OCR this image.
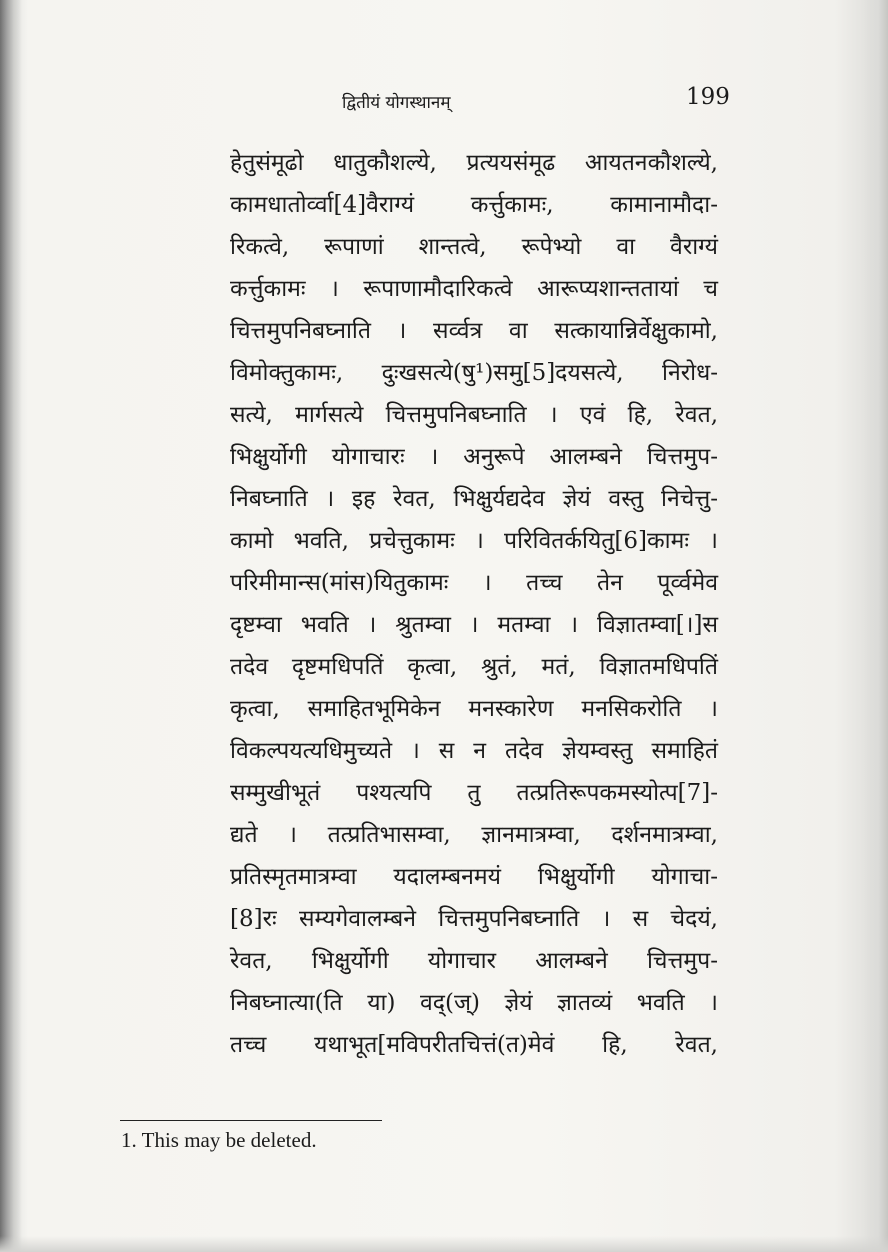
द्वितीयं योगस्थानम्	199
हेतुसंमूढो धातुकौशल्ये, प्रत्ययसंमूढ आयतनकौशल्ये,
कामधातोर्व्वा[4]वैराग्यं कर्त्तुकामः, कामानामौदा-
रिकत्वे, रूपाणां शान्तत्वे, रूपेभ्यो वा वैराग्यं
कर्त्तुकामः । रूपाणामौदारिकत्वे आरूप्यशान्ततायां च
चित्तमुपनिबघ्नाति । सर्व्वत्र वा सत्कायान्निर्वेक्षुकामो,
विमोक्तुकामः, दुःखसत्ये(षु¹)समु[5]दयसत्ये, निरोध-
सत्ये, मार्गसत्ये चित्तमुपनिबघ्नाति । एवं हि, रेवत,
भिक्षुर्योगी योगाचारः । अनुरूपे आलम्बने चित्तमुप-
निबघ्नाति । इह रेवत, भिक्षुर्यद्यदेव ज्ञेयं वस्तु निचेत्तु-
कामो भवति, प्रचेत्तुकामः । परिवितर्कयितु[6]कामः ।
परिमीमान्स(मांस)यितुकामः । तच्च तेन पूर्व्वमेव
दृष्टम्वा भवति । श्रुतम्वा । मतम्वा । विज्ञातम्वा[।]स
तदेव दृष्टमधिपतिं कृत्वा, श्रुतं, मतं, विज्ञातमधिपतिं
कृत्वा, समाहितभूमिकेन मनस्कारेण मनसिकरोति ।
विकल्पयत्यधिमुच्यते । स न तदेव ज्ञेयम्वस्तु समाहितं
सम्मुखीभूतं पश्यत्यपि तु तत्प्रतिरूपकमस्योत्प[7]-
द्यते । तत्प्रतिभासम्वा, ज्ञानमात्रम्वा, दर्शनमात्रम्वा,
प्रतिस्मृतमात्रम्वा यदालम्बनमयं भिक्षुर्योगी योगाचा-
[8]रः सम्यगेवालम्बने चित्तमुपनिबघ्नाति । स चेदयं,
रेवत, भिक्षुर्योगी योगाचार आलम्बने चित्तमुप-
निबघ्नात्या(ति या) वद्(ज्) ज्ञेयं ज्ञातव्यं भवति ।
तच्च यथाभूत[मविपरीतचित्तं(त)मेवं हि, रेवत,
1. This may be deleted.
